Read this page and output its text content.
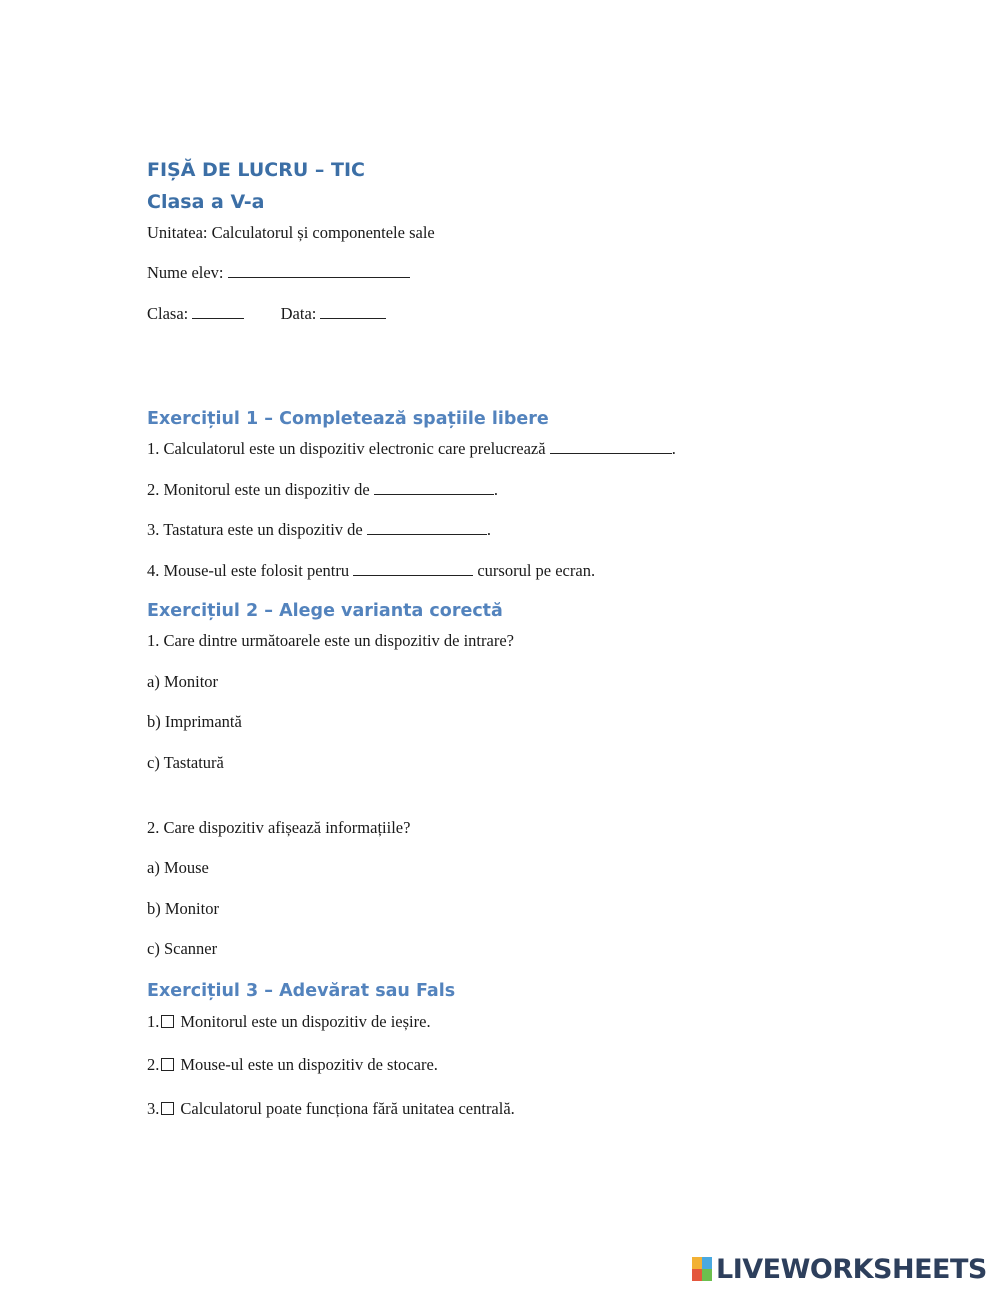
FIȘĂ DE LUCRU – TIC
Clasa a V-a
Unitatea: Calculatorul și componentele sale
Nume elev:
Clasa:	Data:
Exercițiul 1 – Completează spațiile libere
1. Calculatorul este un dispozitiv electronic care prelucrează	.
2. Monitorul este un dispozitiv de	.
3. Tastatura este un dispozitiv de	.
4. Mouse-ul este folosit pentru	cursorul pe ecran.
Exercițiul 2 – Alege varianta corectă
1. Care dintre următoarele este un dispozitiv de intrare?
a) Monitor
b) Imprimantă
c) Tastatură
2. Care dispozitiv afișează informațiile?
a) Mouse
b) Monitor
c) Scanner
Exercițiul 3 – Adevărat sau Fals
1. Monitorul este un dispozitiv de ieșire.
2. Mouse-ul este un dispozitiv de stocare.
3. Calculatorul poate funcționa fără unitatea centrală.
LIVEWORKSHEETS
